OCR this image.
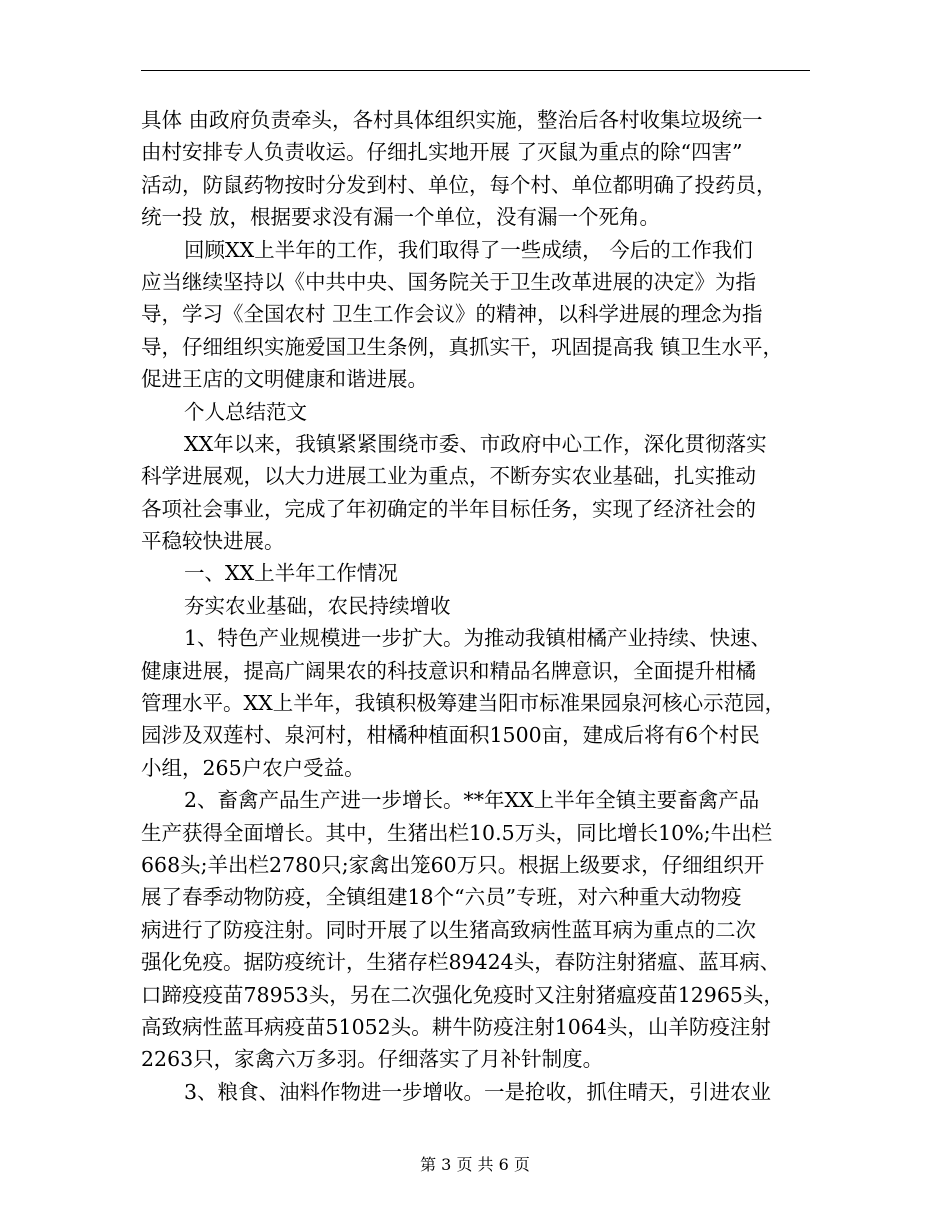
具体 由政府负责牵头，各村具体组织实施，整治后各村收集垃圾统一
由村安排专人负责收运。仔细扎实地开展 了灭鼠为重点的除“四害”
活动，防鼠药物按时分发到村、单位，每个村、单位都明确了投药员，
统一投 放，根据要求没有漏一个单位，没有漏一个死角。
回顾XX上半年的工作，我们取得了一些成绩， 今后的工作我们
应当继续坚持以《中共中央、国务院关于卫生改革进展的决定》为指
导，学习《全国农村 卫生工作会议》的精神，以科学进展的理念为指
导，仔细组织实施爱国卫生条例，真抓实干，巩固提高我 镇卫生水平，
促进王店的文明健康和谐进展。
个人总结范文
XX年以来，我镇紧紧围绕市委、市政府中心工作，深化贯彻落实
科学进展观，以大力进展工业为重点，不断夯实农业基础，扎实推动
各项社会事业，完成了年初确定的半年目标任务，实现了经济社会的
平稳较快进展。
一、XX上半年工作情况
夯实农业基础，农民持续增收
1、特色产业规模进一步扩大。为推动我镇柑橘产业持续、快速、
健康进展，提高广阔果农的科技意识和精品名牌意识，全面提升柑橘
管理水平。XX上半年，我镇积极筹建当阳市标准果园泉河核心示范园，
园涉及双莲村、泉河村，柑橘种植面积1500亩，建成后将有6个村民
小组，265户农户受益。
2、畜禽产品生产进一步增长。**年XX上半年全镇主要畜禽产品
生产获得全面增长。其中，生猪出栏10.5万头，同比增长10%;牛出栏
668头;羊出栏2780只;家禽出笼60万只。根据上级要求，仔细组织开
展了春季动物防疫，全镇组建18个“六员”专班，对六种重大动物疫
病进行了防疫注射。同时开展了以生猪高致病性蓝耳病为重点的二次
强化免疫。据防疫统计，生猪存栏89424头，春防注射猪瘟、蓝耳病、
口蹄疫疫苗78953头，另在二次强化免疫时又注射猪瘟疫苗12965头，
高致病性蓝耳病疫苗51052头。耕牛防疫注射1064头，山羊防疫注射
2263只，家禽六万多羽。仔细落实了月补针制度。
3、粮食、油料作物进一步增收。一是抢收，抓住晴天，引进农业
第 3 页 共 6 页
